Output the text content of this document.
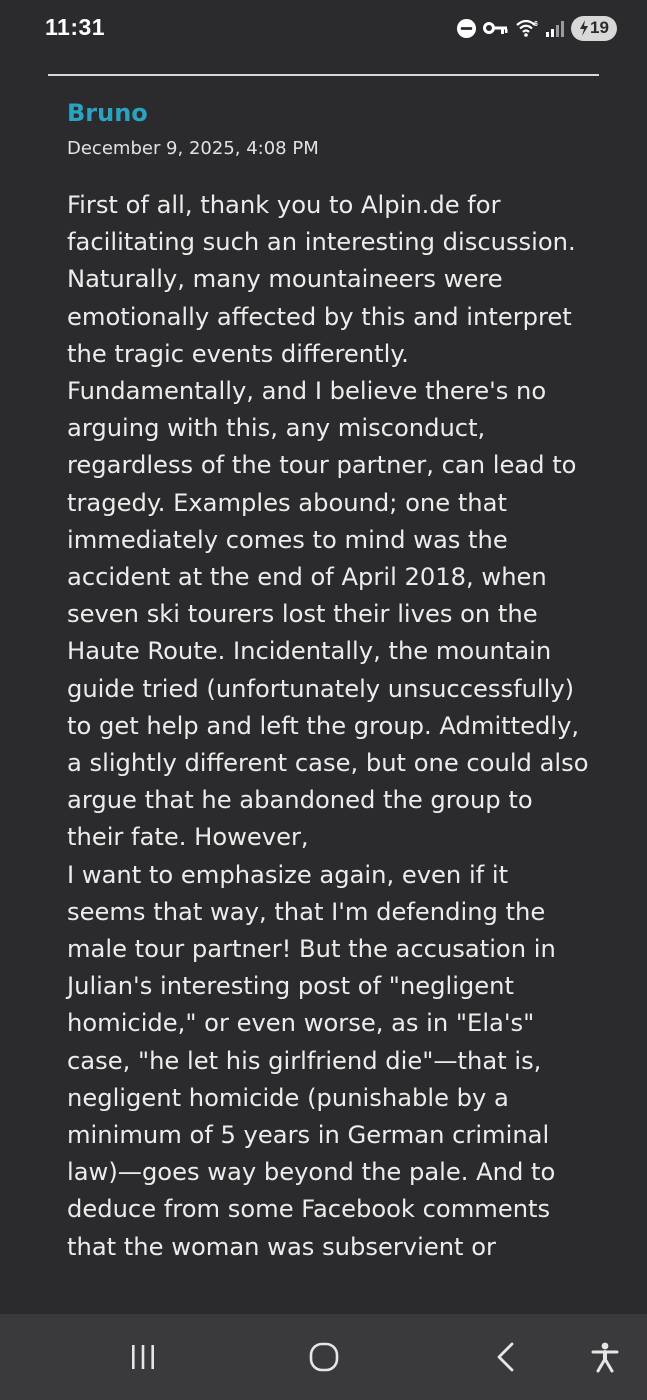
11:31	6	19
Bruno
December 9, 2025, 4:08 PM

First of all, thank you to Alpin.de for facilitating such an interesting discussion. Naturally, many mountaineers were emotionally affected by this and interpret the tragic events differently. Fundamentally, and I believe there's no arguing with this, any misconduct, regardless of the tour partner, can lead to tragedy. Examples abound; one that immediately comes to mind was the accident at the end of April 2018, when seven ski tourers lost their lives on the Haute Route. Incidentally, the mountain guide tried (unfortunately unsuccessfully) to get help and left the group. Admittedly, a slightly different case, but one could also argue that he abandoned the group to their fate. However,
I want to emphasize again, even if it seems that way, that I'm defending the male tour partner! But the accusation in Julian's interesting post of "negligent homicide," or even worse, as in "Ela's" case, "he let his girlfriend die"—that is, negligent homicide (punishable by a minimum of 5 years in German criminal law)—goes way beyond the pale. And to deduce from some Facebook comments that the woman was subservient or
